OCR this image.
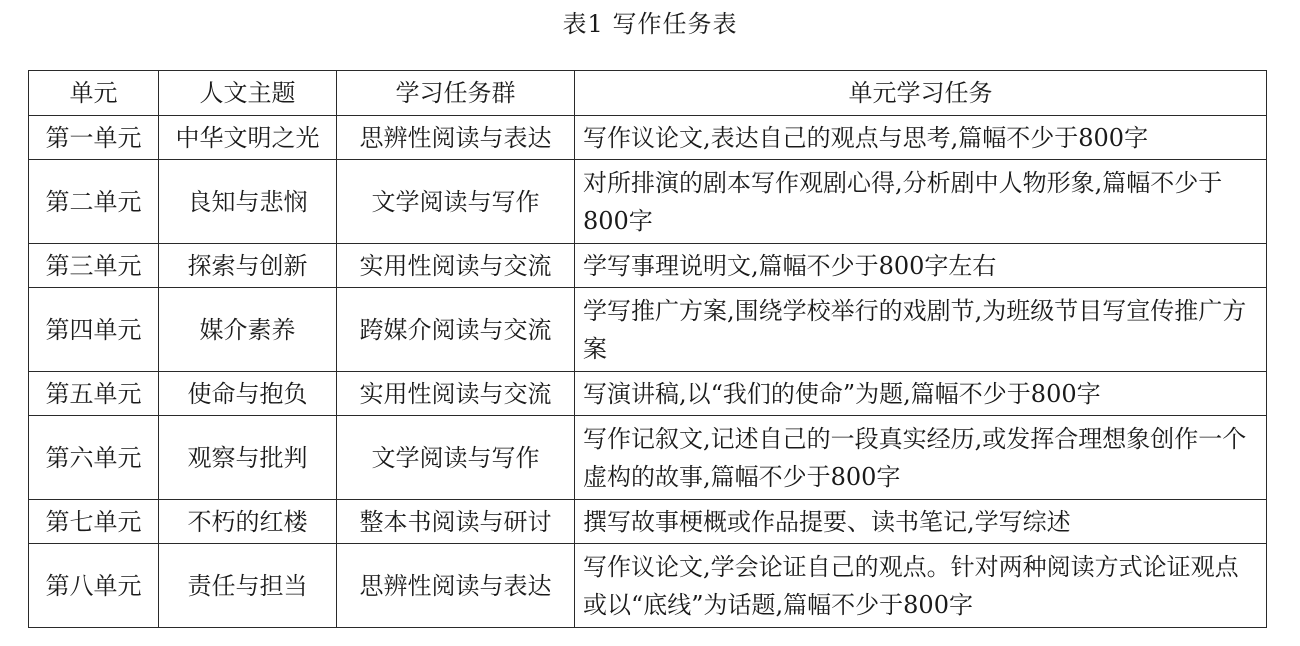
表1 写作任务表
单元	人文主题	学习任务群	单元学习任务
第一单元	中华文明之光	思辨性阅读与表达	写作议论文,表达自己的观点与思考,篇幅不少于800字
第二单元	良知与悲悯	文学阅读与写作	对所排演的剧本写作观剧心得,分析剧中人物形象,篇幅不少于800字
第三单元	探索与创新	实用性阅读与交流	学写事理说明文,篇幅不少于800字左右
第四单元	媒介素养	跨媒介阅读与交流	学写推广方案,围绕学校举行的戏剧节,为班级节目写宣传推广方案
第五单元	使命与抱负	实用性阅读与交流	写演讲稿,以“我们的使命”为题,篇幅不少于800字
第六单元	观察与批判	文学阅读与写作	写作记叙文,记述自己的一段真实经历,或发挥合理想象创作一个虚构的故事,篇幅不少于800字
第七单元	不朽的红楼	整本书阅读与研讨	撰写故事梗概或作品提要、读书笔记,学写综述
第八单元	责任与担当	思辨性阅读与表达	写作议论文,学会论证自己的观点。针对两种阅读方式论证观点或以“底线”为话题,篇幅不少于800字
